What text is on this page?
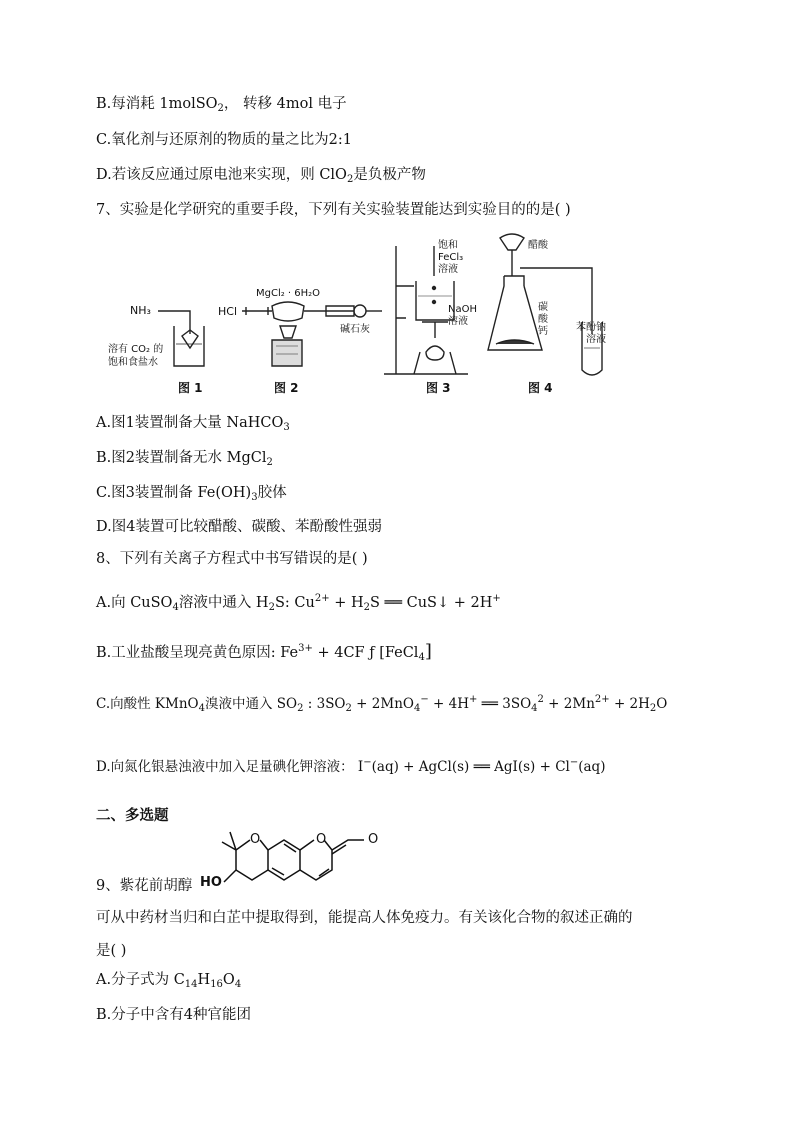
B.每消耗 1molSO$_2$， 转移 4mol 电子
C.氧化剂与还原剂的物质的量之比为2:1
D.若该反应通过原电池来实现，则 ClO$_2$是负极产物
7、实验是化学研究的重要手段，下列有关实验装置能达到实验目的的是( )
NH₃
溶有 CO₂ 的
饱和食盐水
图 1
HCl
MgCl₂ · 6H₂O
碱石灰
图 2
饱和
FeCl₃
溶液
NaOH
溶液
图 3
醋酸
碳
酸
钙	苯酚钠
溶液
图 4
A.图1装置制备大量 NaHCO$_3$
B.图2装置制备无水 MgCl$_2$
C.图3装置制备 $Fe(OH)_3$胶体
D.图4装置可比较醋酸、碳酸、苯酚酸性强弱
8、下列有关离子方程式中书写错误的是( )
A.向 CuSO$_4$溶液中通入 $H_2S$: $Cu^{2+} + H_2S$ ══ CuS↓ + 2H+
B.工业盐酸呈现亮黄色原因: $Fe^{3+} + 4CF$ ƒ [FeCl$_4$]
C.向酸性 KMnO$_4$溴液中通入 $SO_2$ : $3SO_2 + 2MnO_4^- + 4H^+$ ══ $3SO_4^2 + 2Mn^{2+} + 2H_2O$
D.向氮化银悬浊液中加入足量碘化钾溶液： I−(aq) + AgCl(s) ══ AgI(s) + Cl−(aq)
二、多选题
9、紫花前胡醇 HO
O	O	O
可从中药材当归和白芷中提取得到，能提高人体免疫力。有关该化合物的叙述正确的
是( )
A.分子式为 $C_{14}H_{16}O_4$
B.分子中含有4种官能团
